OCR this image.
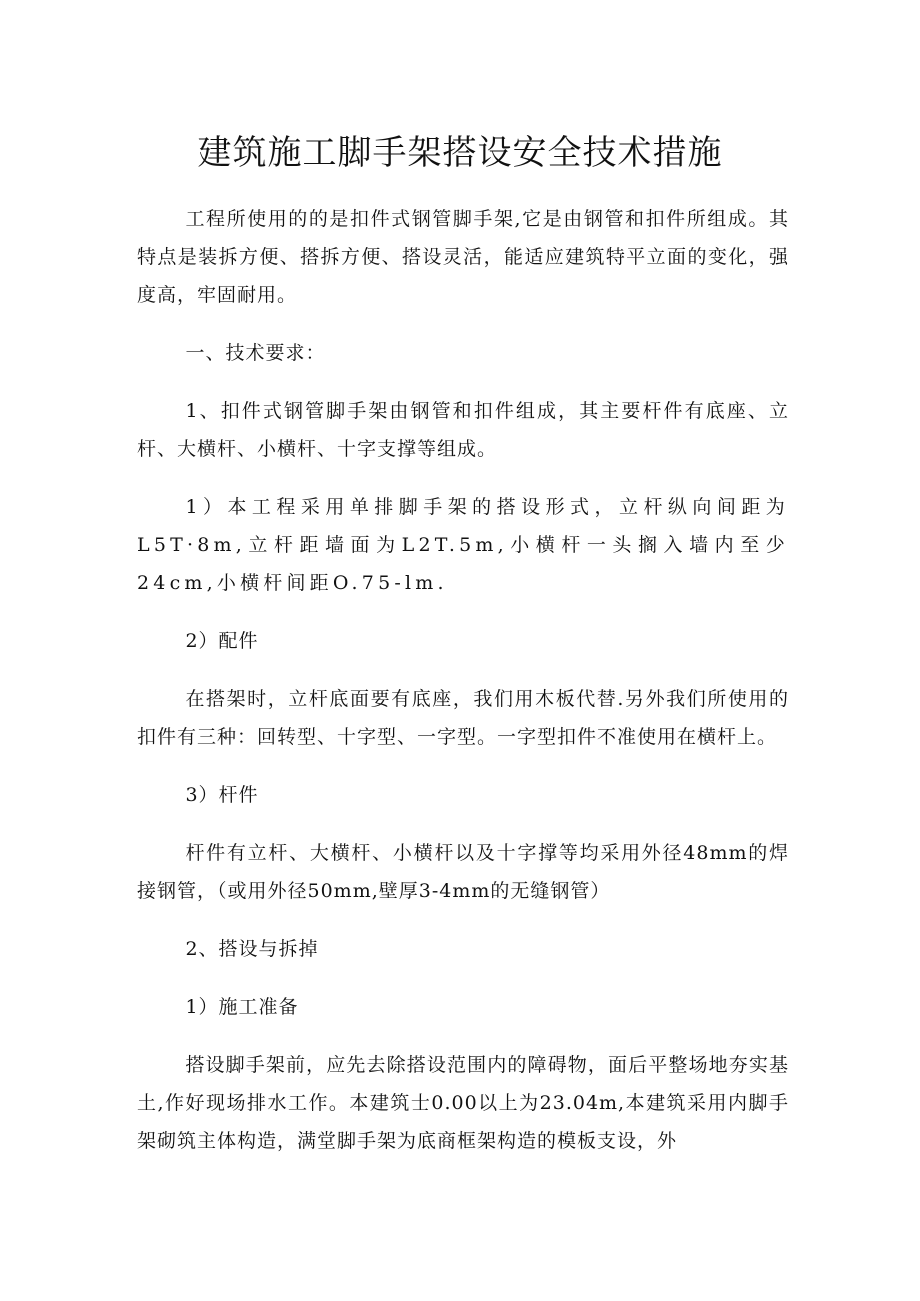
建筑施工脚手架搭设安全技术措施

工程所使用的的是扣件式钢管脚手架,它是由钢管和扣件所组成。其特点是装拆方便、搭拆方便、搭设灵活，能适应建筑特平立面的变化，强度高，牢固耐用。

一、技术要求：

1、扣件式钢管脚手架由钢管和扣件组成，其主要杆件有底座、立杆、大横杆、小横杆、十字支撑等组成。

1）本工程采用单排脚手架的搭设形式，立杆纵向间距为L5T·8m,立杆距墙面为L2T.5m,小横杆一头搁入墙内至少24cm,小横杆间距O.75-lm.

2）配件

在搭架时，立杆底面要有底座，我们用木板代替.另外我们所使用的扣件有三种：回转型、十字型、一字型。一字型扣件不准使用在横杆上。

3）杆件

杆件有立杆、大横杆、小横杆以及十字撑等均采用外径48mm的焊接钢管，（或用外径50mm,壁厚3-4mm的无缝钢管）

2、搭设与拆掉

1）施工准备

搭设脚手架前，应先去除搭设范围内的障碍物，面后平整场地夯实基土,作好现场排水工作。本建筑士0.00以上为23.04m,本建筑采用内脚手架砌筑主体构造，满堂脚手架为底商框架构造的模板支设，外
